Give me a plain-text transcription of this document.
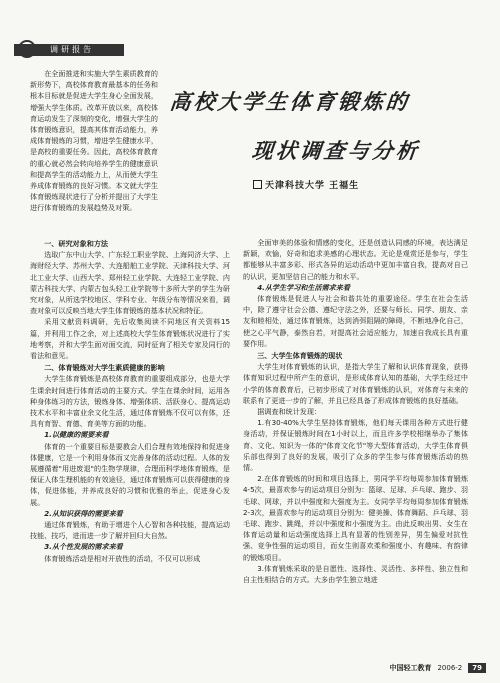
调研报告

在全面推进和实施大学生素质教育的新形势下，高校体育教育最基本的任务和根本目标就是促进大学生身心全面发展，增强大学生体质。改革开放以来，高校体育运动发生了深刻的变化，增强大学生的体育锻炼意识，提高其体育活动能力，养成体育锻炼的习惯，增进学生健康水平，是高校的重要任务。因此，高校体育教育的重心就必然会转向培养学生的健康意识和提高学生的活动能力上，从而使大学生养成体育锻炼的良好习惯。本文就大学生体育锻炼现状进行了分析并提出了大学生进行体育锻炼的发展趋势及对策。

高校大学生体育锻炼的
现状调查与分析
天津科技大学 王福生
一、研究对象和方法

选取广东中山大学、广东轻工职业学院、上海同济大学、上海财经大学、苏州大学、大连船舶工业学院、天津科技大学、河北工业大学、山西大学、郑州轻工业学院、大连轻工业学院、内蒙古科技大学、内蒙古包头轻工业学院等十多所大学的学生为研究对象，从所选学校地区、学科专业、年级分布等情况来看，调查对象可以反映当地大学生体育锻炼的基本状况和特征。

采用文献资料调研，先后收集阅读不同地区有关资料15篇，并利用工作之余，对上述高校大学生体育锻炼状况进行了实地考察，并和大学生面对面交流，同时征询了相关专家及同行的看法和意见。

二、体育锻炼对大学生素质健康的影响

大学生体育锻炼是高校体育教育的重要组成部分，也是大学生课余时间进行体育活动的主要方式。学生在课余时间，运用各种身体练习的方法，锻炼身体、增强体质、活跃身心、提高运动技术水平和丰富业余文化生活，通过体育锻炼不仅可以有体，还具有育智、育德、育美等方面的功能。

1.以健康的需要来看

体育的一个重要目标是要教会人们合理有效地保持和促进身体健康，它是一个利用身体而又完善身体的活动过程。人体的发展遵循着"用进废退"的生物学规律，合理而科学地体育锻炼，是保证人体生理机能的有效途径，通过体育锻炼可以获得健康的身体，促进体能，并养成良好的习惯和优雅的举止，促进身心发展。

2.从知识获得的需要来看

通过体育锻炼，有助于增进个人心智和各种技能，提高运动技能、技巧，进而进一步了解并回归大自然。

3.从个性发展的需求来看

体育锻炼活动是相对开放性的活动，不仅可以形成

全面审美的体验和情感的变化，还是创造认同感的环境，表达满足新颖，欢愉，好奇和追求美感的心理状态。无论是观赏还是参与，学生都能够从丰富多彩、形式各异的运动活动中更加丰富自我，提高对自己的认识，更加坚信自己的能力和水平。

4.从学生学习和生活需求来看

体育锻炼是促进人与社会和谐共处的重要途径。学生在社会生活中，除了遵守社会公德、遵纪守法之外，还要与师长、同学、朋友、亲友和睦相处，通过体育锻炼，达到消弭阻隔的障碍，不断地净化自己，使之心平气静，泰然自若，对提高社会适应能力，加速自我成长具有重要作用。

三、大学生体育锻炼的现状

大学生对体育锻炼的认识，是指大学生了解和认识体育现象，获得体育知识过程中所产生的意识，是形成体育认知的基础，大学生经过中小学的体育教育后，已初步形成了对体育锻炼的认识，对体育与未来的联系有了更进一步的了解，并且已经具备了形成体育锻炼的良好基础。

据调查和统计发现：

1.有30-40%大学生坚持体育锻炼，他们每天课用各种方式进行健身活动，并保证锻炼时间在1小时以上，而且许多学校相继举办了集体育、文化、知识为一体的"体育文化节"等大型体育活动，大学生体育俱乐部也得到了良好的发展，吸引了众多的学生参与体育锻炼活动的热情。

2.在体育锻炼的时间和项目选择上，男同学平均每周参加体育锻炼4-5次，最喜欢参与的运动项目分别为：篮球、足球、乒乓球、跑步、羽毛球、网球，并以中强度和大强度为主。女同学平均每周参加体育锻炼2-3次，最喜欢参与的运动项目分别为：健美操、体育舞蹈、乒乓球、羽毛球、跑步、跳绳，并以中强度和小强度为主。由此反映出男、女生在体育运动量和运动强度选择上具有显著的性别差异，男生偏爱对抗性强、竞争性强的运动项目，而女生则喜欢柔和强度小、有趣味、有韵律的锻炼项目。

3.体育锻炼采取的是自愿性、选择性、灵活性、多样性、独立性和自主性相结合的方式。大多由学生独立地进

中国轻工教育 2006-2	79
